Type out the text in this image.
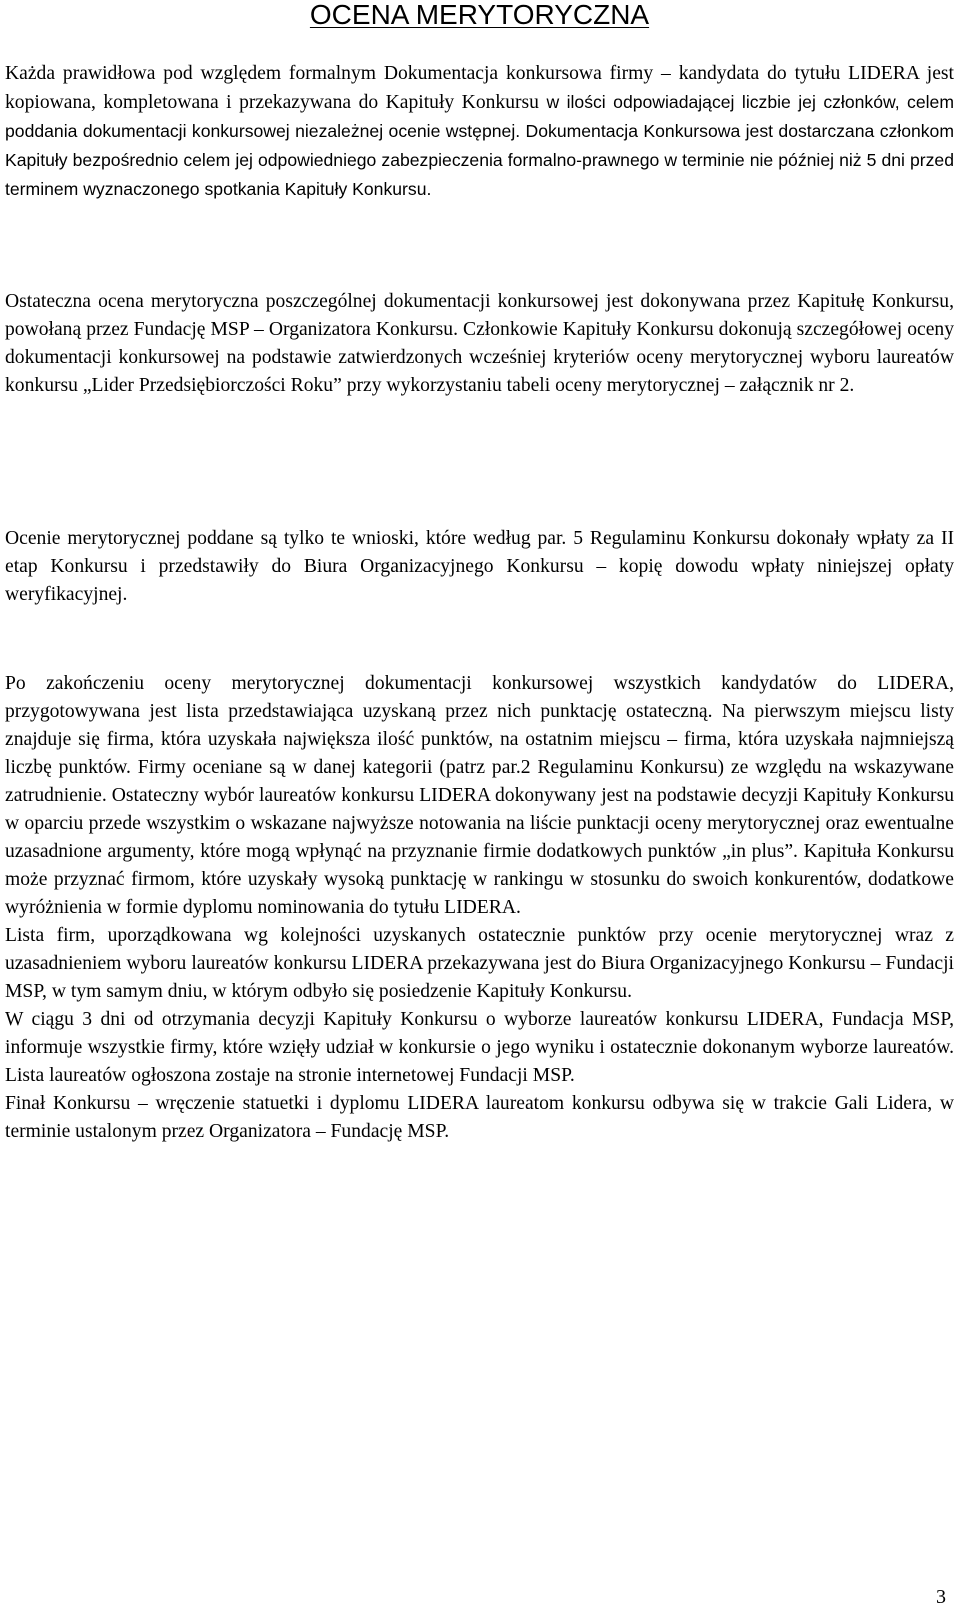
OCENA MERYTORYCZNA

Każda prawidłowa pod względem formalnym Dokumentacja konkursowa firmy – kandydata do tytułu LIDERA jest kopiowana, kompletowana i przekazywana do Kapituły Konkursu w ilości odpowiadającej liczbie jej członków, celem poddania dokumentacji konkursowej niezależnej ocenie wstępnej. Dokumentacja Konkursowa jest dostarczana członkom Kapituły bezpośrednio celem jej odpowiedniego zabezpieczenia formalno-prawnego w terminie nie później niż 5 dni przed terminem wyznaczonego spotkania Kapituły Konkursu.

Ostateczna ocena merytoryczna poszczególnej dokumentacji konkursowej jest dokonywana przez Kapitułę Konkursu, powołaną przez Fundację MSP – Organizatora Konkursu. Członkowie Kapituły Konkursu dokonują szczegółowej oceny dokumentacji konkursowej na podstawie zatwierdzonych wcześniej kryteriów oceny merytorycznej wyboru laureatów konkursu „Lider Przedsiębiorczości Roku” przy wykorzystaniu tabeli oceny merytorycznej – załącznik nr 2.

Ocenie merytorycznej poddane są tylko te wnioski, które według par. 5 Regulaminu Konkursu dokonały wpłaty za II etap Konkursu i przedstawiły do Biura Organizacyjnego Konkursu – kopię dowodu wpłaty niniejszej opłaty weryfikacyjnej.

Po zakończeniu oceny merytorycznej dokumentacji konkursowej wszystkich kandydatów do LIDERA, przygotowywana jest lista przedstawiająca uzyskaną przez nich punktację ostateczną. Na pierwszym miejscu listy znajduje się firma, która uzyskała największa ilość punktów, na ostatnim miejscu – firma, która uzyskała najmniejszą liczbę punktów. Firmy oceniane są w danej kategorii (patrz par.2 Regulaminu Konkursu) ze względu na wskazywane zatrudnienie. Ostateczny wybór laureatów konkursu LIDERA dokonywany jest na podstawie decyzji Kapituły Konkursu w oparciu przede wszystkim o wskazane najwyższe notowania na liście punktacji oceny merytorycznej oraz ewentualne uzasadnione argumenty, które mogą wpłynąć na przyznanie firmie dodatkowych punktów „in plus”. Kapituła Konkursu może przyznać firmom, które uzyskały wysoką punktację w rankingu w stosunku do swoich konkurentów, dodatkowe wyróżnienia w formie dyplomu nominowania do tytułu LIDERA.

Lista firm, uporządkowana wg kolejności uzyskanych ostatecznie punktów przy ocenie merytorycznej wraz z uzasadnieniem wyboru laureatów konkursu LIDERA przekazywana jest do Biura Organizacyjnego Konkursu – Fundacji MSP, w tym samym dniu, w którym odbyło się posiedzenie Kapituły Konkursu.

W ciągu 3 dni od otrzymania decyzji Kapituły Konkursu o wyborze laureatów konkursu LIDERA, Fundacja MSP, informuje wszystkie firmy, które wzięły udział w konkursie o jego wyniku i ostatecznie dokonanym wyborze laureatów. Lista laureatów ogłoszona zostaje na stronie internetowej Fundacji MSP.

Finał Konkursu – wręczenie statuetki i dyplomu LIDERA laureatom konkursu odbywa się w trakcie Gali Lidera, w terminie ustalonym przez Organizatora – Fundację MSP.

3
